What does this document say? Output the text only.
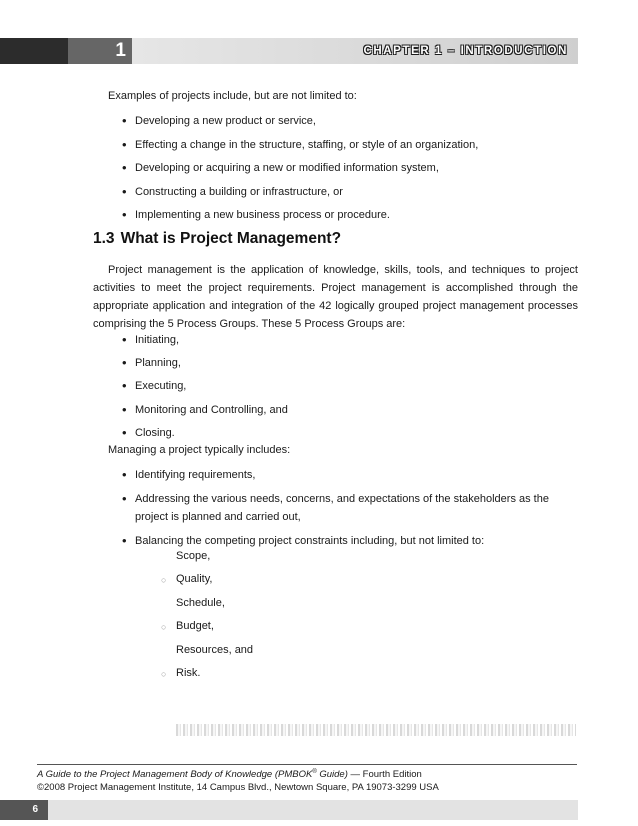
1	CHAPTER 1 – INTRODUCTION

Examples of projects include, but are not limited to:

• Developing a new product or service,
• Effecting a change in the structure, staffing, or style of an organization,
• Developing or acquiring a new or modified information system,
• Constructing a building or infrastructure, or
• Implementing a new business process or procedure.
1.3 What is Project Management?

Project management is the application of knowledge, skills, tools, and techniques to project activities to meet the project requirements. Project management is accomplished through the appropriate application and integration of the 42 logically grouped project management processes comprising the 5 Process Groups. These 5 Process Groups are:

• Initiating,
• Planning,
• Executing,
• Monitoring and Controlling, and
• Closing.

Managing a project typically includes:

• Identifying requirements,
• Addressing the various needs, concerns, and expectations of the stakeholders as the project is planned and carried out,
• Balancing the competing project constraints including, but not limited to:
Scope,
○ Quality,
Schedule,
○ Budget,
Resources, and
○ Risk.

A Guide to the Project Management Body of Knowledge (PMBOK® Guide) — Fourth Edition

©2008 Project Management Institute, 14 Campus Blvd., Newtown Square, PA 19073-3299 USA

6
